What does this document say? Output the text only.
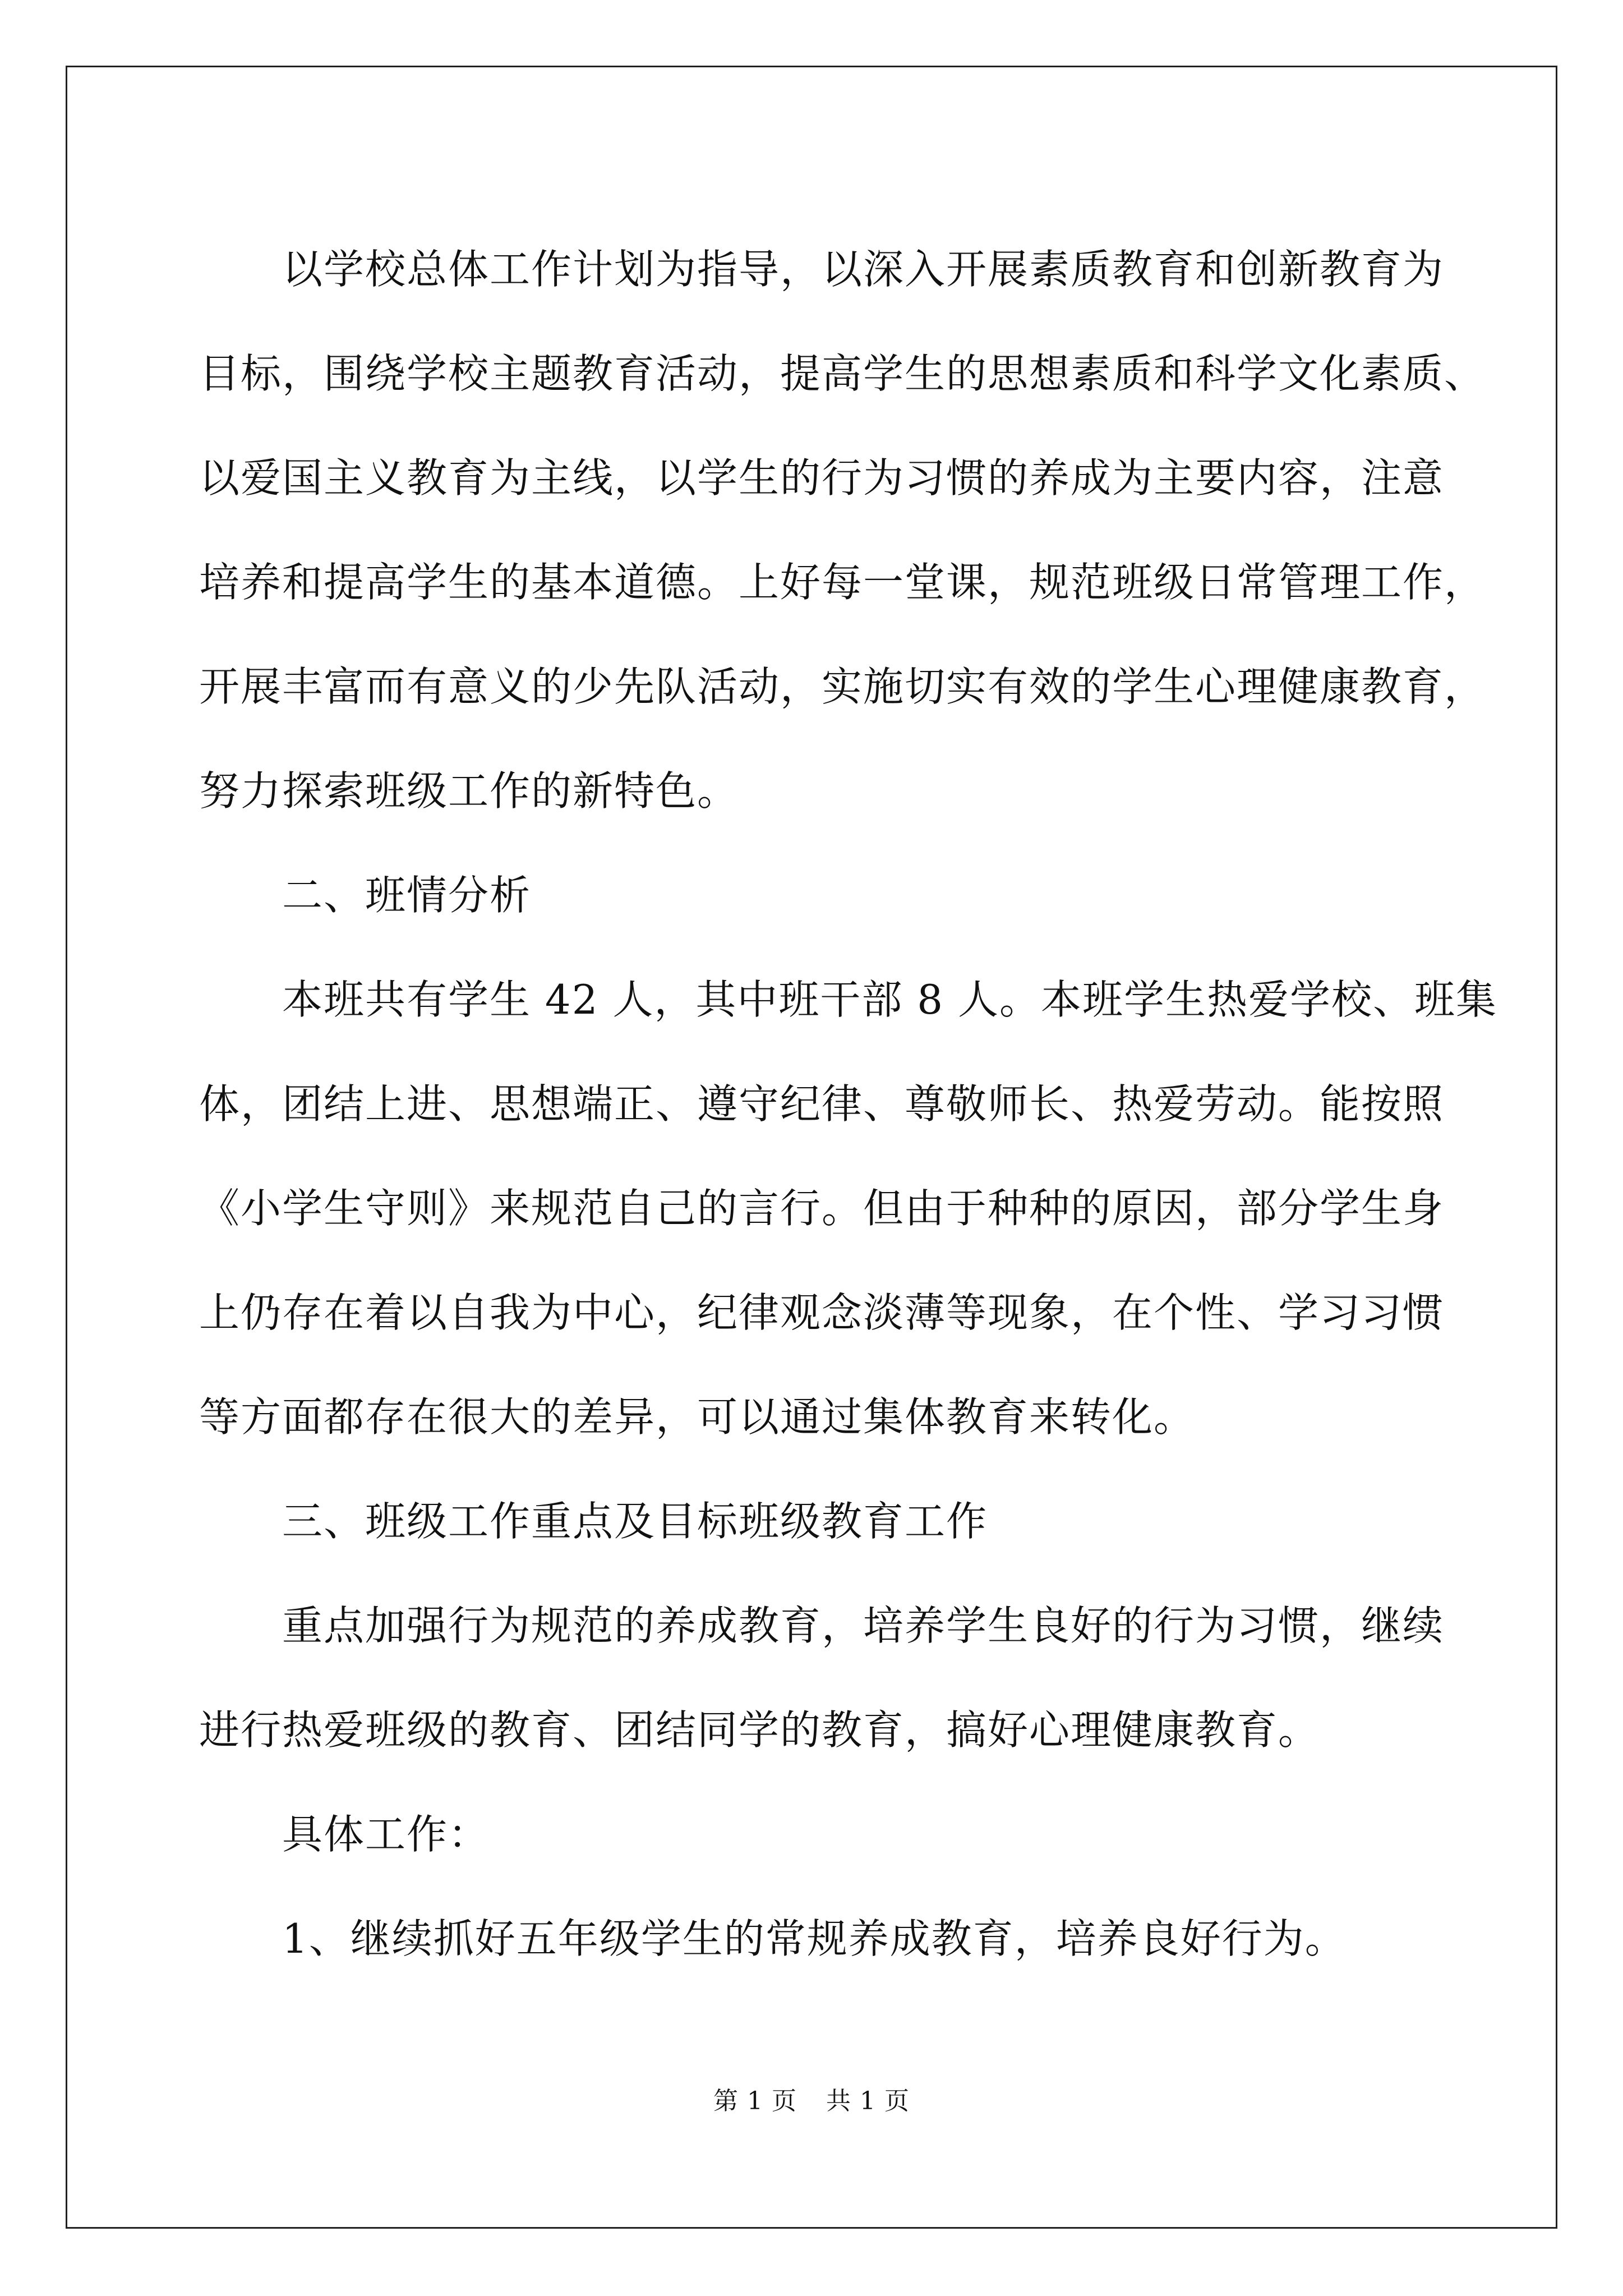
以学校总体工作计划为指导，以深入开展素质教育和创新教育为
目标，围绕学校主题教育活动，提高学生的思想素质和科学文化素质、
以爱国主义教育为主线，以学生的行为习惯的养成为主要内容，注意
培养和提高学生的基本道德。上好每一堂课，规范班级日常管理工作，
开展丰富而有意义的少先队活动，实施切实有效的学生心理健康教育，
努力探索班级工作的新特色。
二、班情分析
本班共有学生 42 人，其中班干部 8 人。本班学生热爱学校、班集
体，团结上进、思想端正、遵守纪律、尊敬师长、热爱劳动。能按照
《小学生守则》来规范自己的言行。但由于种种的原因，部分学生身
上仍存在着以自我为中心，纪律观念淡薄等现象，在个性、学习习惯
等方面都存在很大的差异，可以通过集体教育来转化。
三、班级工作重点及目标班级教育工作
重点加强行为规范的养成教育，培养学生良好的行为习惯，继续
进行热爱班级的教育、团结同学的教育，搞好心理健康教育。
具体工作：
1、继续抓好五年级学生的常规养成教育，培养良好行为。
第 1 页 共 1 页
